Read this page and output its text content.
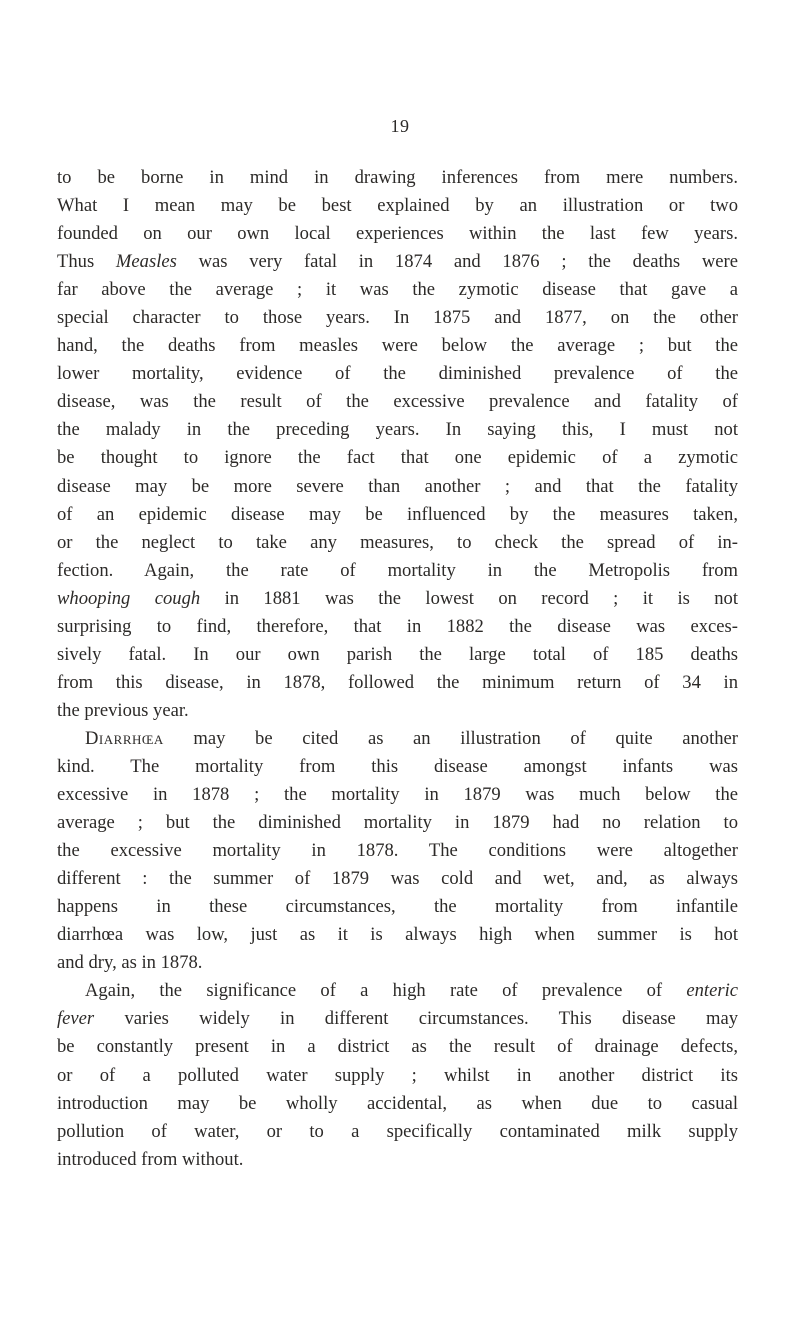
19

to be borne in mind in drawing inferences from mere numbers.
What I mean may be best explained by an illustration or two
founded on our own local experiences within the last few years.
Thus Measles was very fatal in 1874 and 1876 ; the deaths were
far above the average ; it was the zymotic disease that gave a
special character to those years. In 1875 and 1877, on the other
hand, the deaths from measles were below the average ; but the
lower mortality, evidence of the diminished prevalence of the
disease, was the result of the excessive prevalence and fatality of
the malady in the preceding years. In saying this, I must not
be thought to ignore the fact that one epidemic of a zymotic
disease may be more severe than another ; and that the fatality
of an epidemic disease may be influenced by the measures taken,
or the neglect to take any measures, to check the spread of in-
fection. Again, the rate of mortality in the Metropolis from
whooping cough in 1881 was the lowest on record ; it is not
surprising to find, therefore, that in 1882 the disease was exces-
sively fatal. In our own parish the large total of 185 deaths
from this disease, in 1878, followed the minimum return of 34 in
the previous year.

Diarrhœa may be cited as an illustration of quite another
kind. The mortality from this disease amongst infants was
excessive in 1878 ; the mortality in 1879 was much below the
average ; but the diminished mortality in 1879 had no relation to
the excessive mortality in 1878. The conditions were altogether
different : the summer of 1879 was cold and wet, and, as always
happens in these circumstances, the mortality from infantile
diarrhœa was low, just as it is always high when summer is hot
and dry, as in 1878.

Again, the significance of a high rate of prevalence of enteric
fever varies widely in different circumstances. This disease may
be constantly present in a district as the result of drainage defects,
or of a polluted water supply ; whilst in another district its
introduction may be wholly accidental, as when due to casual
pollution of water, or to a specifically contaminated milk supply
introduced from without.
